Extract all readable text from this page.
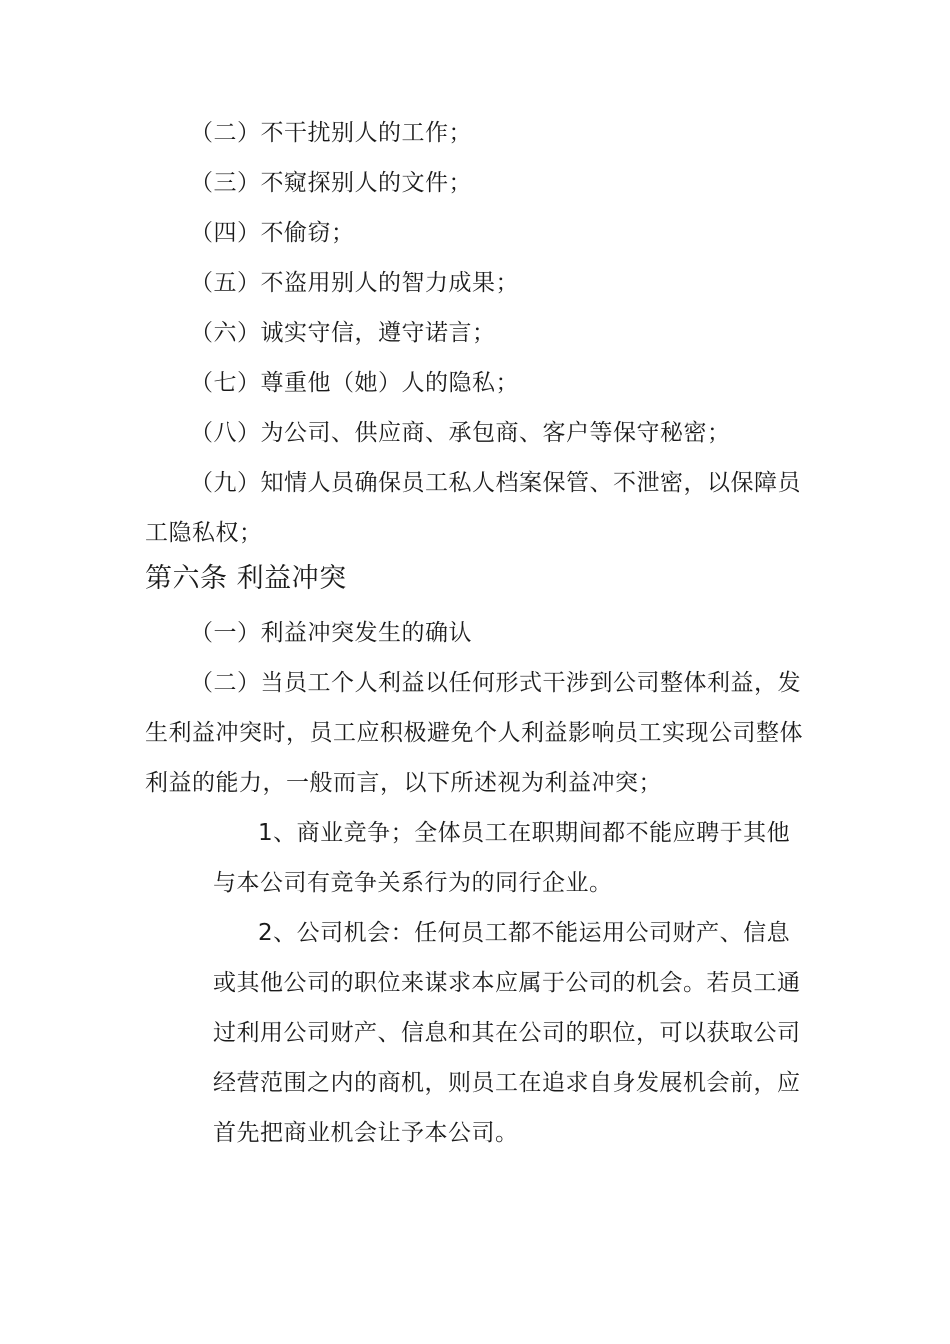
（二）不干扰别人的工作；
（三）不窥探别人的文件；
（四）不偷窃；
（五）不盗用别人的智力成果；
（六）诚实守信，遵守诺言；
（七）尊重他（她）人的隐私；
（八）为公司、供应商、承包商、客户等保守秘密；
（九）知情人员确保员工私人档案保管、不泄密，以保障员
工隐私权；
第六条 利益冲突
（一）利益冲突发生的确认
（二）当员工个人利益以任何形式干涉到公司整体利益，发
生利益冲突时，员工应积极避免个人利益影响员工实现公司整体
利益的能力，一般而言，以下所述视为利益冲突；
1、商业竞争；全体员工在职期间都不能应聘于其他
与本公司有竞争关系行为的同行企业。
2、公司机会：任何员工都不能运用公司财产、信息
或其他公司的职位来谋求本应属于公司的机会。若员工通
过利用公司财产、信息和其在公司的职位，可以获取公司
经营范围之内的商机，则员工在追求自身发展机会前，应
首先把商业机会让予本公司。
